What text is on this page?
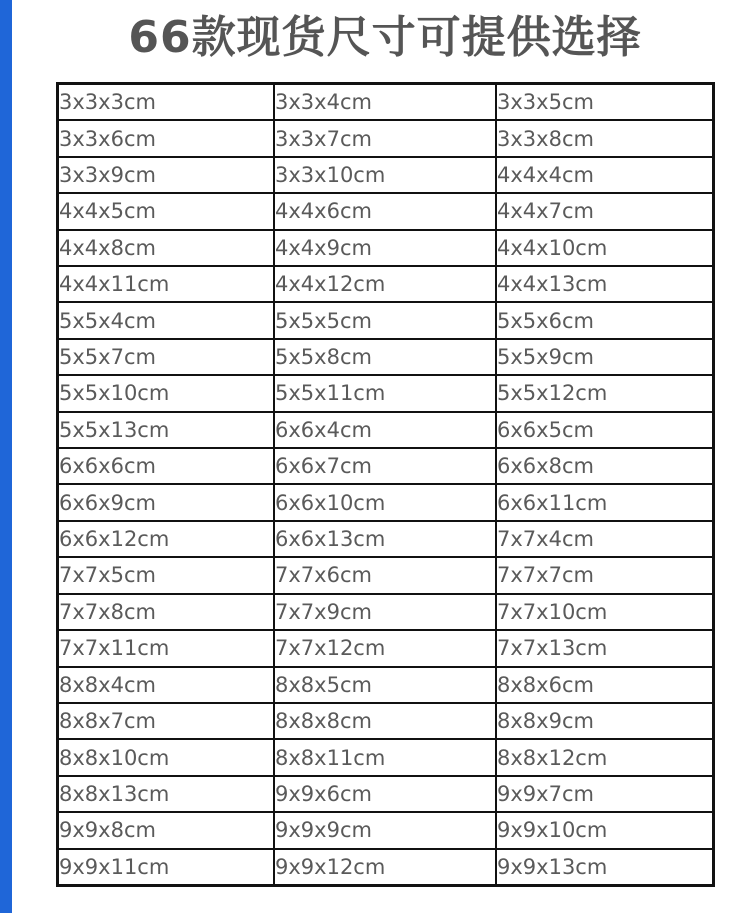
66款现货尺寸可提供选择
3x3x3cm	3x3x4cm	3x3x5cm
3x3x6cm	3x3x7cm	3x3x8cm
3x3x9cm	3x3x10cm	4x4x4cm
4x4x5cm	4x4x6cm	4x4x7cm
4x4x8cm	4x4x9cm	4x4x10cm
4x4x11cm	4x4x12cm	4x4x13cm
5x5x4cm	5x5x5cm	5x5x6cm
5x5x7cm	5x5x8cm	5x5x9cm
5x5x10cm	5x5x11cm	5x5x12cm
5x5x13cm	6x6x4cm	6x6x5cm
6x6x6cm	6x6x7cm	6x6x8cm
6x6x9cm	6x6x10cm	6x6x11cm
6x6x12cm	6x6x13cm	7x7x4cm
7x7x5cm	7x7x6cm	7x7x7cm
7x7x8cm	7x7x9cm	7x7x10cm
7x7x11cm	7x7x12cm	7x7x13cm
8x8x4cm	8x8x5cm	8x8x6cm
8x8x7cm	8x8x8cm	8x8x9cm
8x8x10cm	8x8x11cm	8x8x12cm
8x8x13cm	9x9x6cm	9x9x7cm
9x9x8cm	9x9x9cm	9x9x10cm
9x9x11cm	9x9x12cm	9x9x13cm
